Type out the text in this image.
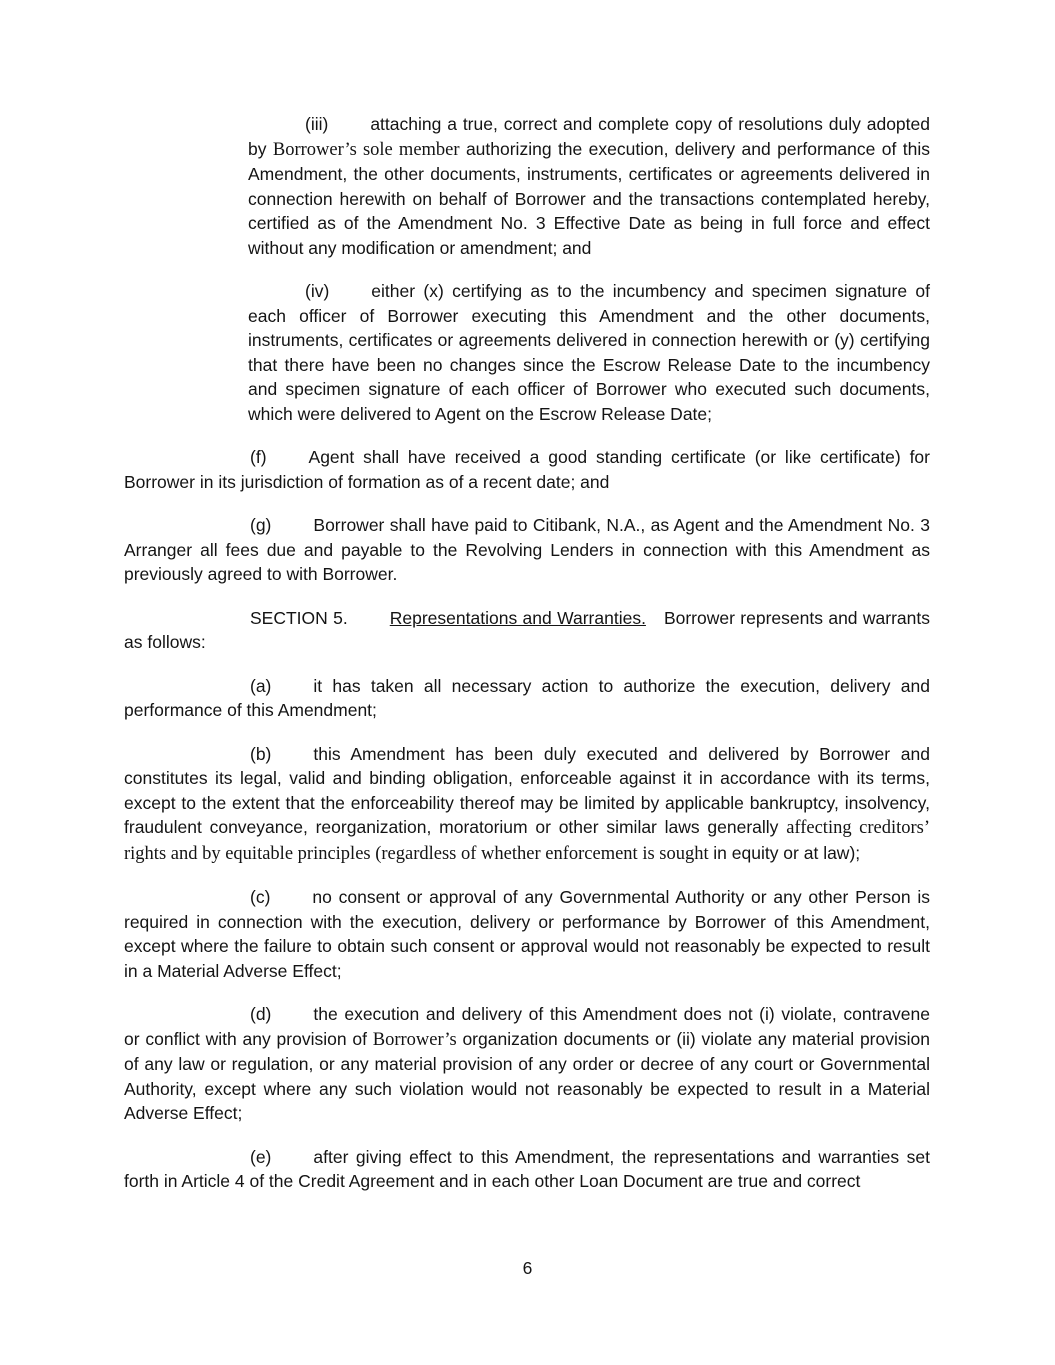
(iii) attaching a true, correct and complete copy of resolutions duly adopted by Borrower’s sole member authorizing the execution, delivery and performance of this Amendment, the other documents, instruments, certificates or agreements delivered in connection herewith on behalf of Borrower and the transactions contemplated hereby, certified as of the Amendment No. 3 Effective Date as being in full force and effect without any modification or amendment; and

(iv) either (x) certifying as to the incumbency and specimen signature of each officer of Borrower executing this Amendment and the other documents, instruments, certificates or agreements delivered in connection herewith or (y) certifying that there have been no changes since the Escrow Release Date to the incumbency and specimen signature of each officer of Borrower who executed such documents, which were delivered to Agent on the Escrow Release Date;

(f) Agent shall have received a good standing certificate (or like certificate) for Borrower in its jurisdiction of formation as of a recent date; and

(g) Borrower shall have paid to Citibank, N.A., as Agent and the Amendment No. 3 Arranger all fees due and payable to the Revolving Lenders in connection with this Amendment as previously agreed to with Borrower.

SECTION 5. Representations and Warranties. Borrower represents and warrants as follows:

(a) it has taken all necessary action to authorize the execution, delivery and performance of this Amendment;

(b) this Amendment has been duly executed and delivered by Borrower and constitutes its legal, valid and binding obligation, enforceable against it in accordance with its terms, except to the extent that the enforceability thereof may be limited by applicable bankruptcy, insolvency, fraudulent conveyance, reorganization, moratorium or other similar laws generally affecting creditors’ rights and by equitable principles (regardless of whether enforcement is sought in equity or at law);

(c) no consent or approval of any Governmental Authority or any other Person is required in connection with the execution, delivery or performance by Borrower of this Amendment, except where the failure to obtain such consent or approval would not reasonably be expected to result in a Material Adverse Effect;

(d) the execution and delivery of this Amendment does not (i) violate, contravene or conflict with any provision of Borrower’s organization documents or (ii) violate any material provision of any law or regulation, or any material provision of any order or decree of any court or Governmental Authority, except where any such violation would not reasonably be expected to result in a Material Adverse Effect;

(e) after giving effect to this Amendment, the representations and warranties set forth in Article 4 of the Credit Agreement and in each other Loan Document are true and correct

6
